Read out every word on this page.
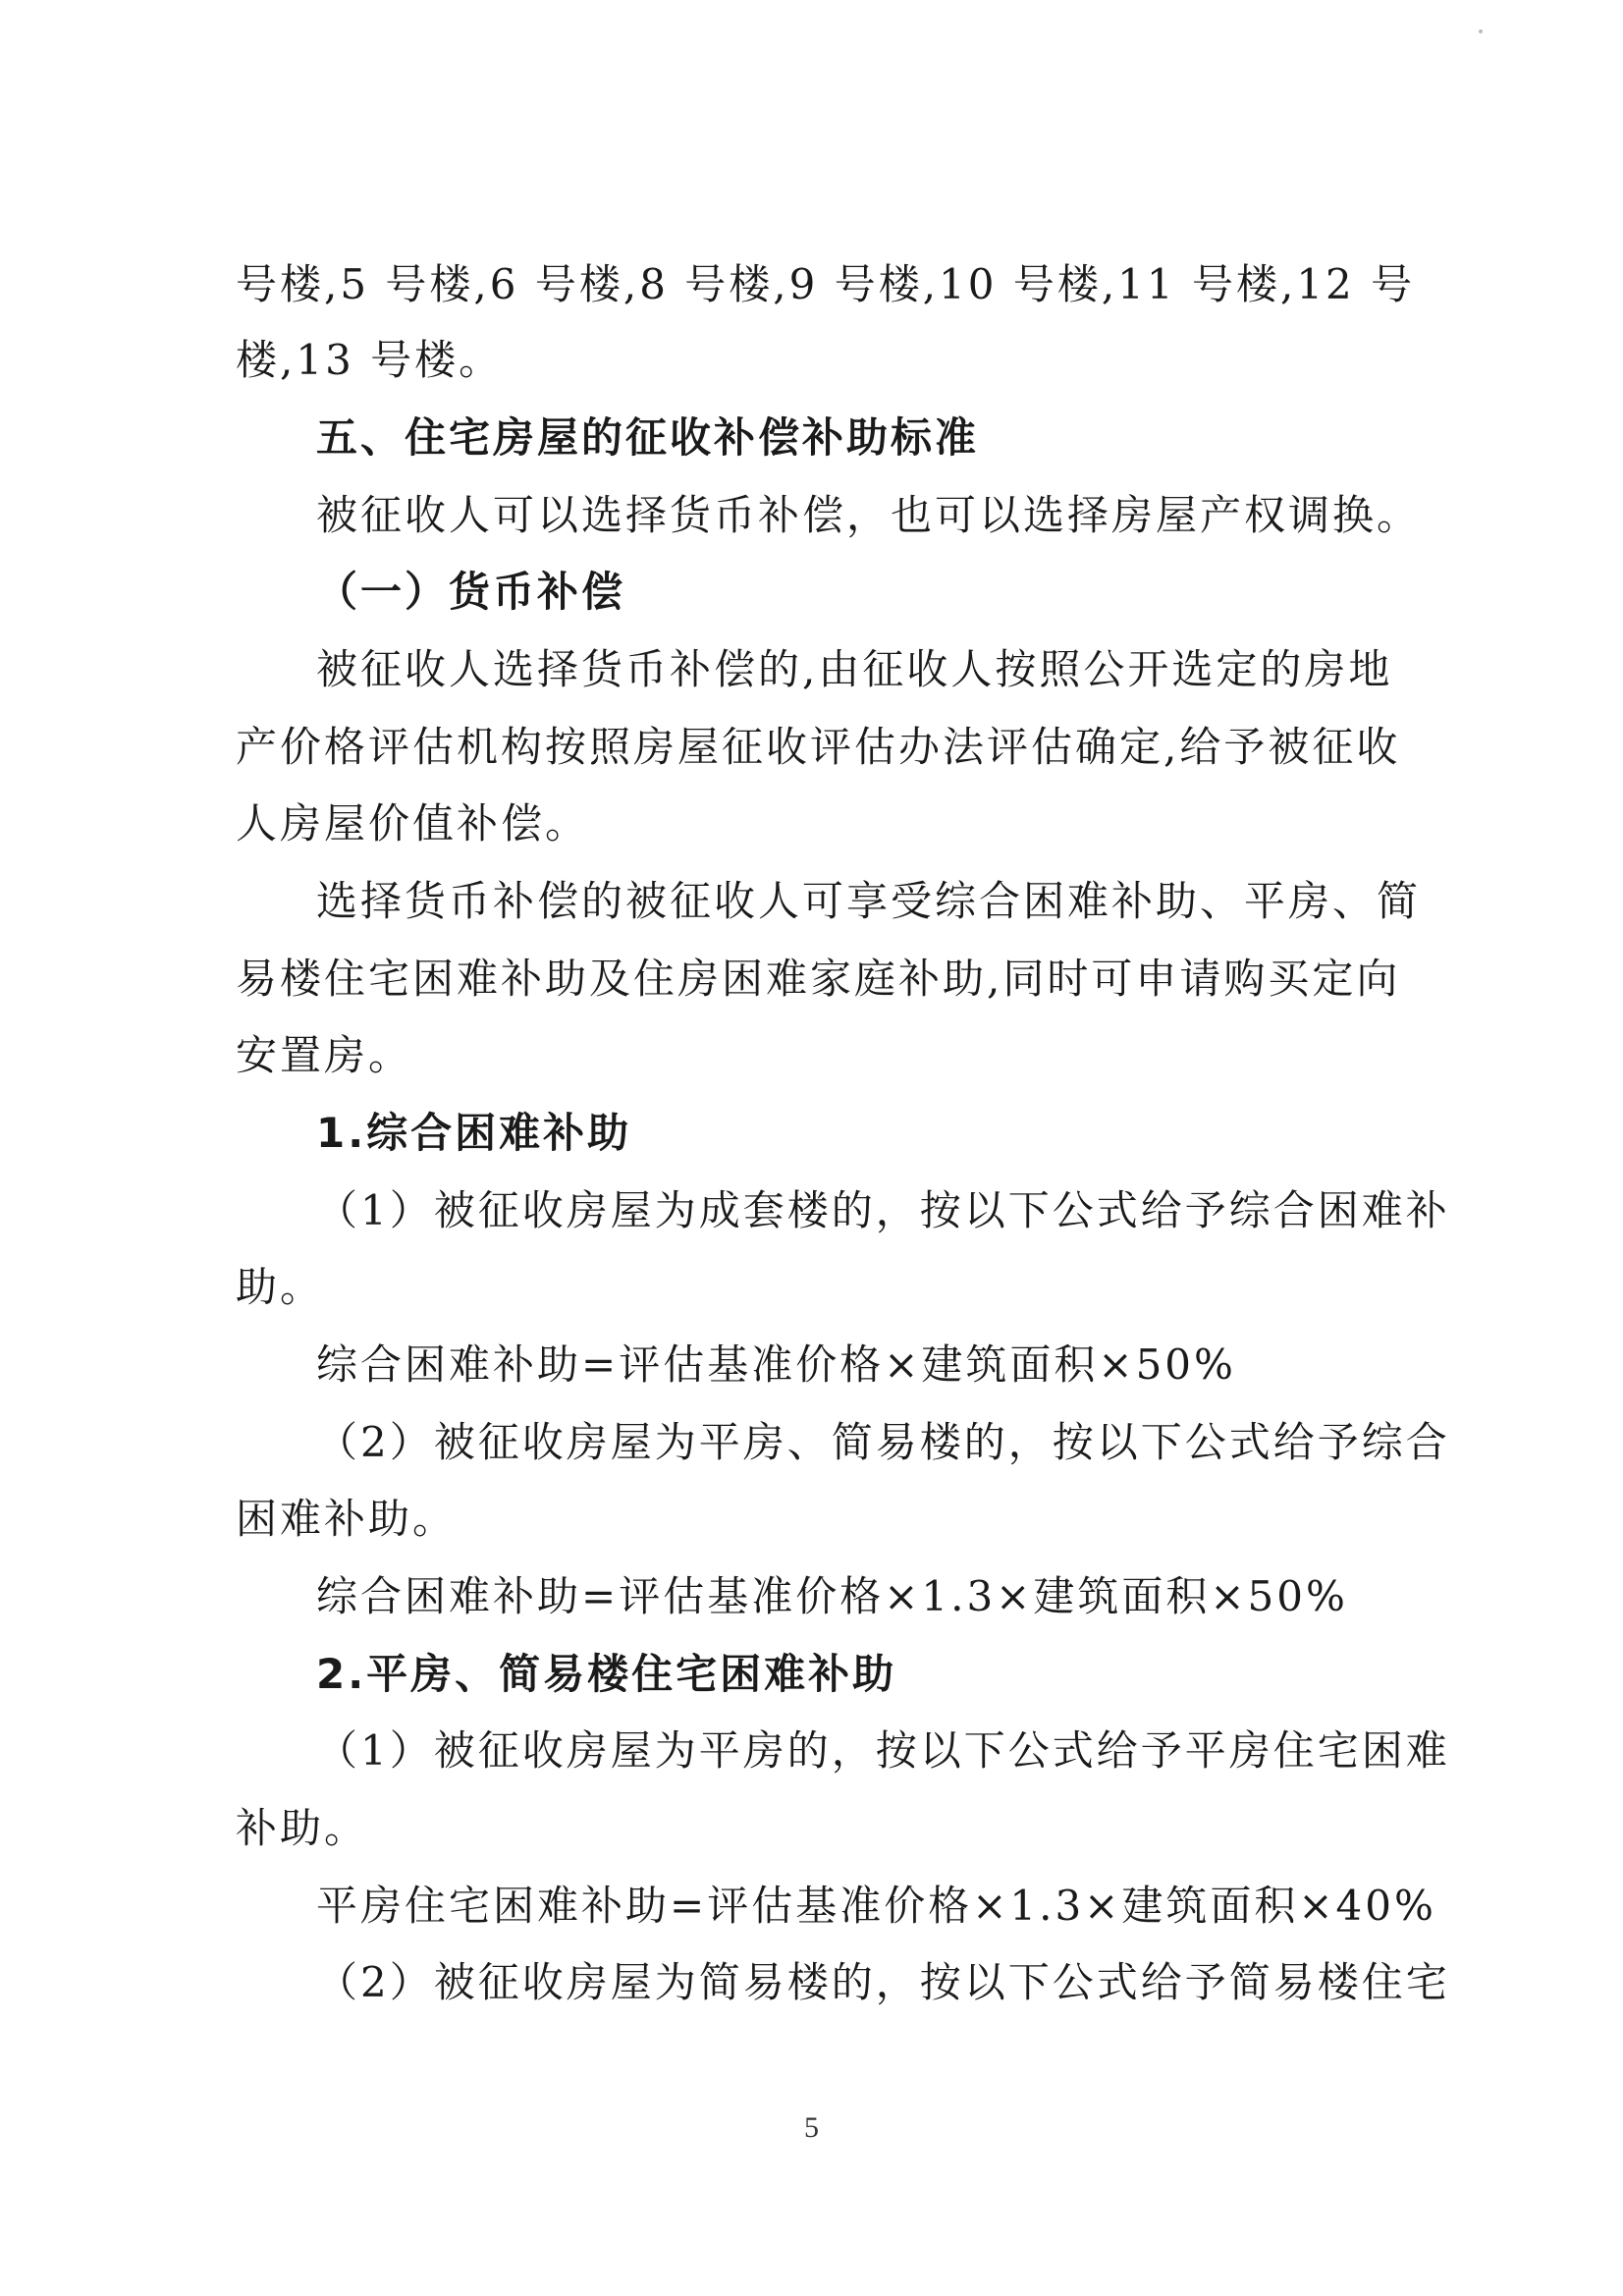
号楼,5 号楼,6 号楼,8 号楼,9 号楼,10 号楼,11 号楼,12 号
楼,13 号楼。
五、住宅房屋的征收补偿补助标准
被征收人可以选择货币补偿，也可以选择房屋产权调换。
（一）货币补偿
被征收人选择货币补偿的,由征收人按照公开选定的房地
产价格评估机构按照房屋征收评估办法评估确定,给予被征收
人房屋价值补偿。
选择货币补偿的被征收人可享受综合困难补助、平房、简
易楼住宅困难补助及住房困难家庭补助,同时可申请购买定向
安置房。
1.综合困难补助
（1）被征收房屋为成套楼的，按以下公式给予综合困难补
助。
综合困难补助=评估基准价格×建筑面积×50%
（2）被征收房屋为平房、简易楼的，按以下公式给予综合
困难补助。
综合困难补助=评估基准价格×1.3×建筑面积×50%
2.平房、简易楼住宅困难补助
（1）被征收房屋为平房的，按以下公式给予平房住宅困难
补助。
平房住宅困难补助=评估基准价格×1.3×建筑面积×40%
（2）被征收房屋为简易楼的，按以下公式给予简易楼住宅
5
